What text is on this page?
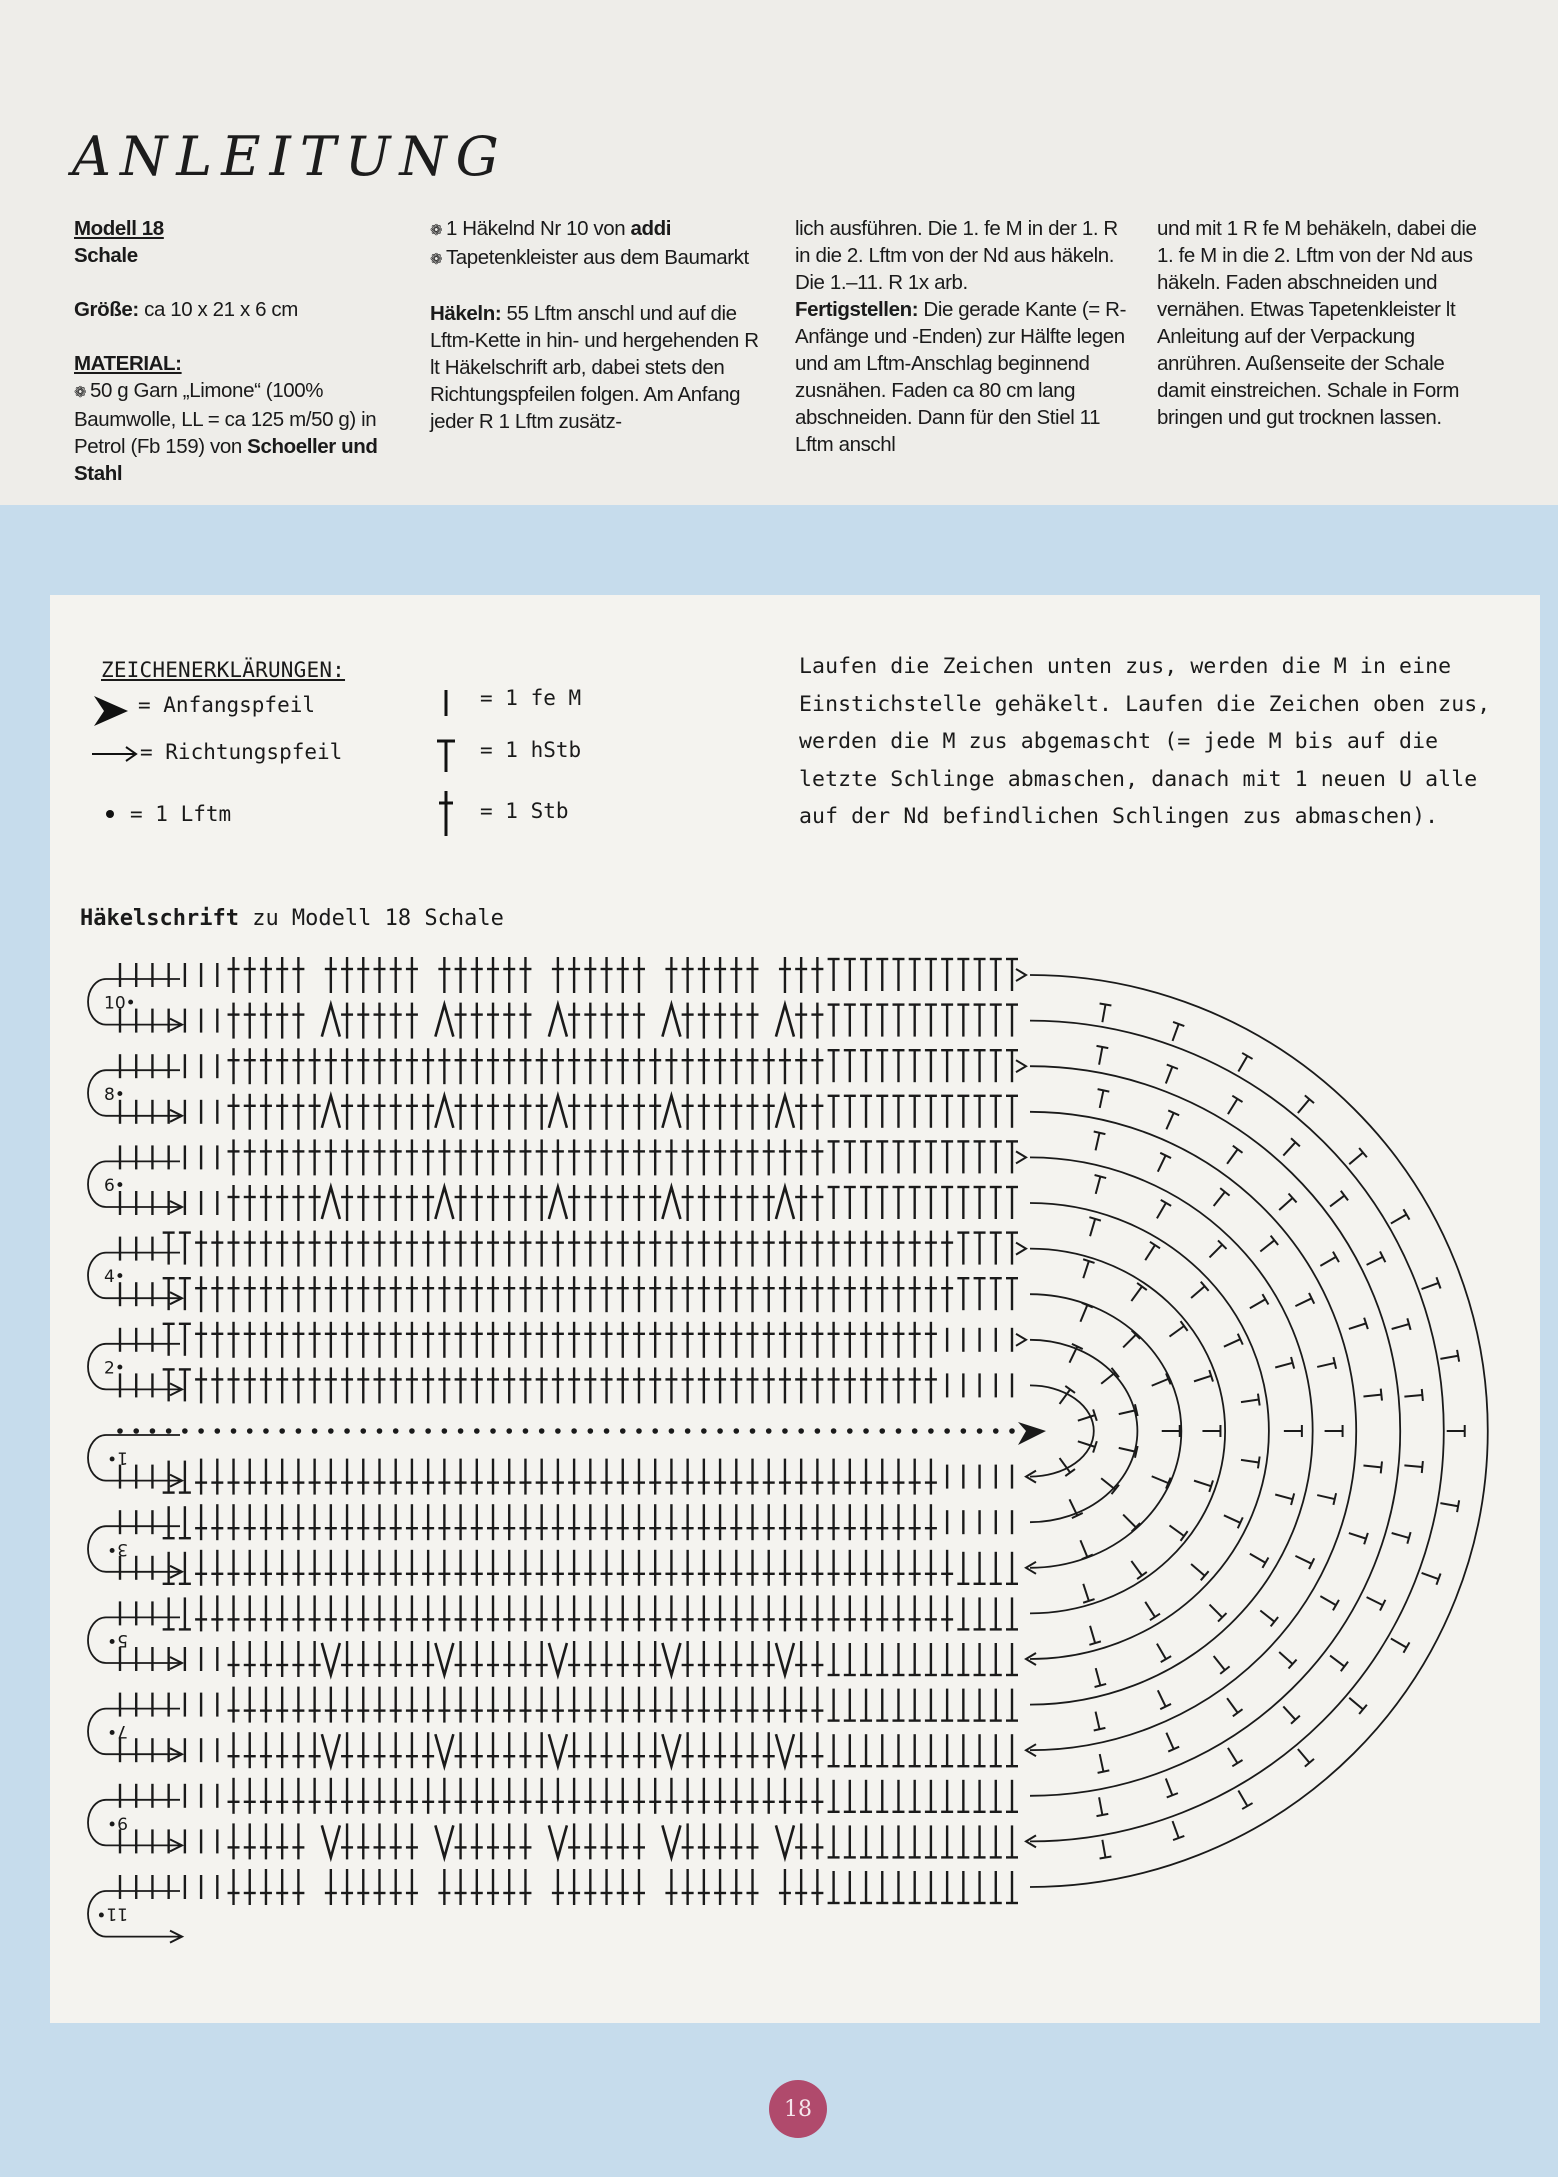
ANLEITUNG

Modell 18

Schale

Größe: ca 10 x 21 x 6 cm

MATERIAL:

❁ 50 g Garn „Limone“ (100% Baumwolle, LL = ca 125 m/50 g) in Petrol (Fb 159) von Schoeller und Stahl

❁ 1 Häkelnd Nr 10 von addi

❁ Tapetenkleister aus dem Baumarkt

Häkeln: 55 Lftm anschl und auf die Lftm-Kette in hin- und hergehenden R lt Häkelschrift arb, dabei stets den Richtungspfeilen folgen. Am Anfang jeder R 1 Lftm zusätz-

lich ausführen. Die 1. fe M in der 1. R in die 2. Lftm von der Nd aus häkeln. Die 1.–11. R 1x arb.

Fertigstellen: Die gerade Kante (= R-Anfänge und -Enden) zur Hälfte legen und am Lftm-Anschlag beginnend zusnähen. Faden ca 80 cm lang abschneiden. Dann für den Stiel 11 Lftm anschl

und mit 1 R fe M behäkeln, dabei die 1. fe M in die 2. Lftm von der Nd aus häkeln. Faden abschneiden und vernähen. Etwas Tapetenkleister lt Anleitung auf der Verpackung anrühren. Außenseite der Schale damit einstreichen. Schale in Form bringen und gut trocknen lassen.

ZEICHENERKLÄRUNGEN:
= Anfangspfeil
= Richtungspfeil
= 1 Lftm
= 1 fe M
= 1 hStb
= 1 Stb
Laufen die Zeichen unten zus, werden die M in eine Einstichstelle gehäkelt. Laufen die Zeichen oben zus, werden die M zus abgemascht (= jede M bis auf die letzte Schlinge abmaschen, danach mit 1 neuen U alle auf der Nd befindlichen Schlingen zus abmaschen).
Häkelschrift zu Modell 18 Schale
10•
8•
6•
4•
2•
1•
3•
5•
7•
9•
11•
18
